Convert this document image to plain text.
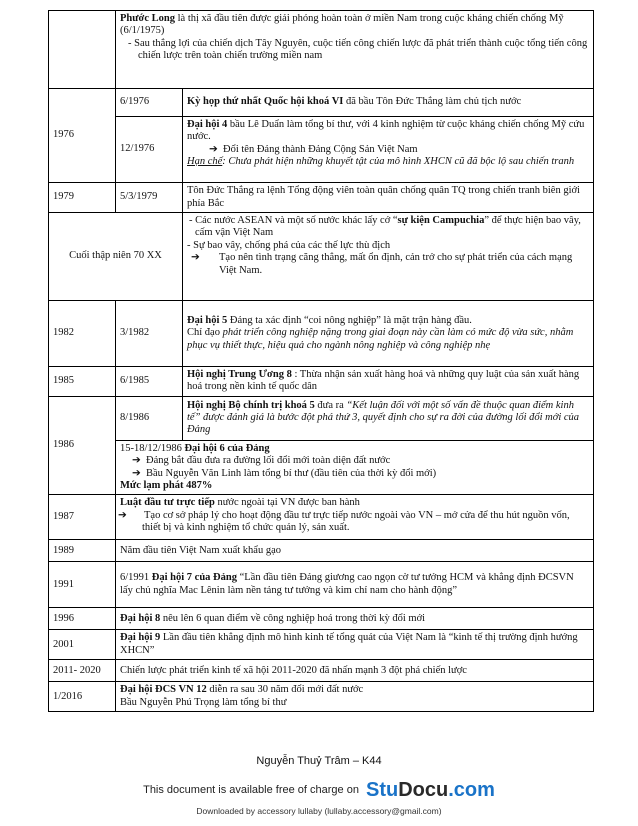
	Phước Long là thị xã đầu tiên được giải phóng hoàn toàn ở miền Nam trong cuộc kháng chiến chống Mỹ (6/1/1975)
- Sau thắng lợi của chiến dịch Tây Nguyên, cuộc tiến công chiến lược đã phát triển thành cuộc tổng tiến công chiến lược trên toàn chiến trường miền nam	

1976	6/1976	Kỳ họp thứ nhất Quốc hội khoá VI đã bầu Tôn Đức Thắng làm chủ tịch nước
	12/1976	Đại hội 4 bầu Lê Duẩn làm tổng bí thư, với 4 kinh nghiệm từ cuộc kháng chiến chống Mỹ cứu nước.
➔ Đổi tên Đảng thành Đảng Cộng Sản Việt Nam
Hạn chế: Chưa phát hiện những khuyết tật của mô hình XHCN cũ đã bộc lộ sau chiến tranh

1979	5/3/1979	Tôn Đức Thắng ra lệnh Tổng động viên toàn quân chống quân TQ trong chiến tranh biên giới phía Bắc
Cuối thập niên 70 XX		- Các nước ASEAN và một số nước khác lấy cớ “sự kiện Campuchia” để thực hiện bao vây, cấm vận Việt Nam
- Sự bao vây, chống phá của các thế lực thù địch
➔ Tạo nên tình trạng căng thẳng, mất ổn định, cản trở cho sự phát triển của cách mạng Việt Nam.

1982	3/1982	Đại hội 5 Đảng ta xác định “coi nông nghiệp” là mặt trận hàng đầu.
Chỉ đạo phát triển công nghiệp nặng trong giai đoạn này cần làm có mức độ vừa sức, nhằm phục vụ thiết thực, hiệu quả cho ngành nông nghiệp và công nghiệp nhẹ

1985	6/1985	Hội nghị Trung Ương 8 : Thừa nhận sản xuất hàng hoá và những quy luật của sản xuất hàng hoá trong nền kinh tế quốc dân
1986	8/1986	Hội nghị Bộ chính trị khoá 5 đưa ra “Kết luận đối với một số vấn đề thuộc quan điểm kinh tế” được đánh giá là bước đột phá thứ 3, quyết định cho sự ra đời của đường lối đổi mới của Đảng

	15-18/12/1986 Đại hội 6 của Đảng
➔ Đảng bắt đầu đưa ra đường lối đổi mới toàn diện đất nước
➔ Bầu Nguyễn Văn Linh làm tổng bí thư (đầu tiên của thời kỳ đổi mới)
Mức lạm phát 487%	

1987	Luật đầu tư trực tiếp nước ngoài tại VN được ban hành
➔ Tạo cơ sở pháp lý cho hoạt động đầu tư trực tiếp nước ngoài vào VN – mở cửa để thu hút nguồn vốn, thiết bị và kinh nghiệm tổ chức quản lý, sản xuất.	

1989	Năm đầu tiên Việt Nam xuất khẩu gạo	
1991	6/1991 Đại hội 7 của Đảng “Lần đầu tiên Đảng giương cao ngọn cờ tư tưởng HCM và khẳng định ĐCSVN lấy chủ nghĩa Mac Lênin làm nền tảng tư tưởng và kim chỉ nam cho hành động”	
1996	Đại hội 8 nêu lên 6 quan điểm về công nghiệp hoá trong thời kỳ đổi mới	
2001	Đại hội 9 Lần đầu tiên khẳng định mô hình kinh tế tổng quát của Việt Nam là “kinh tế thị trường định hướng XHCN”	
2011- 2020	Chiến lược phát triển kinh tế xã hội 2011-2020 đã nhấn mạnh 3 đột phá chiến lược	
1/2016	Đại hội ĐCS VN 12 diễn ra sau 30 năm đổi mới đất nước
Bầu Nguyễn Phú Trọng làm tổng bí thư	
Nguyễn Thuỷ Trâm – K44
This document is available free of charge on StuDocu.com
Downloaded by accessory lullaby (lullaby.accessory@gmail.com)
